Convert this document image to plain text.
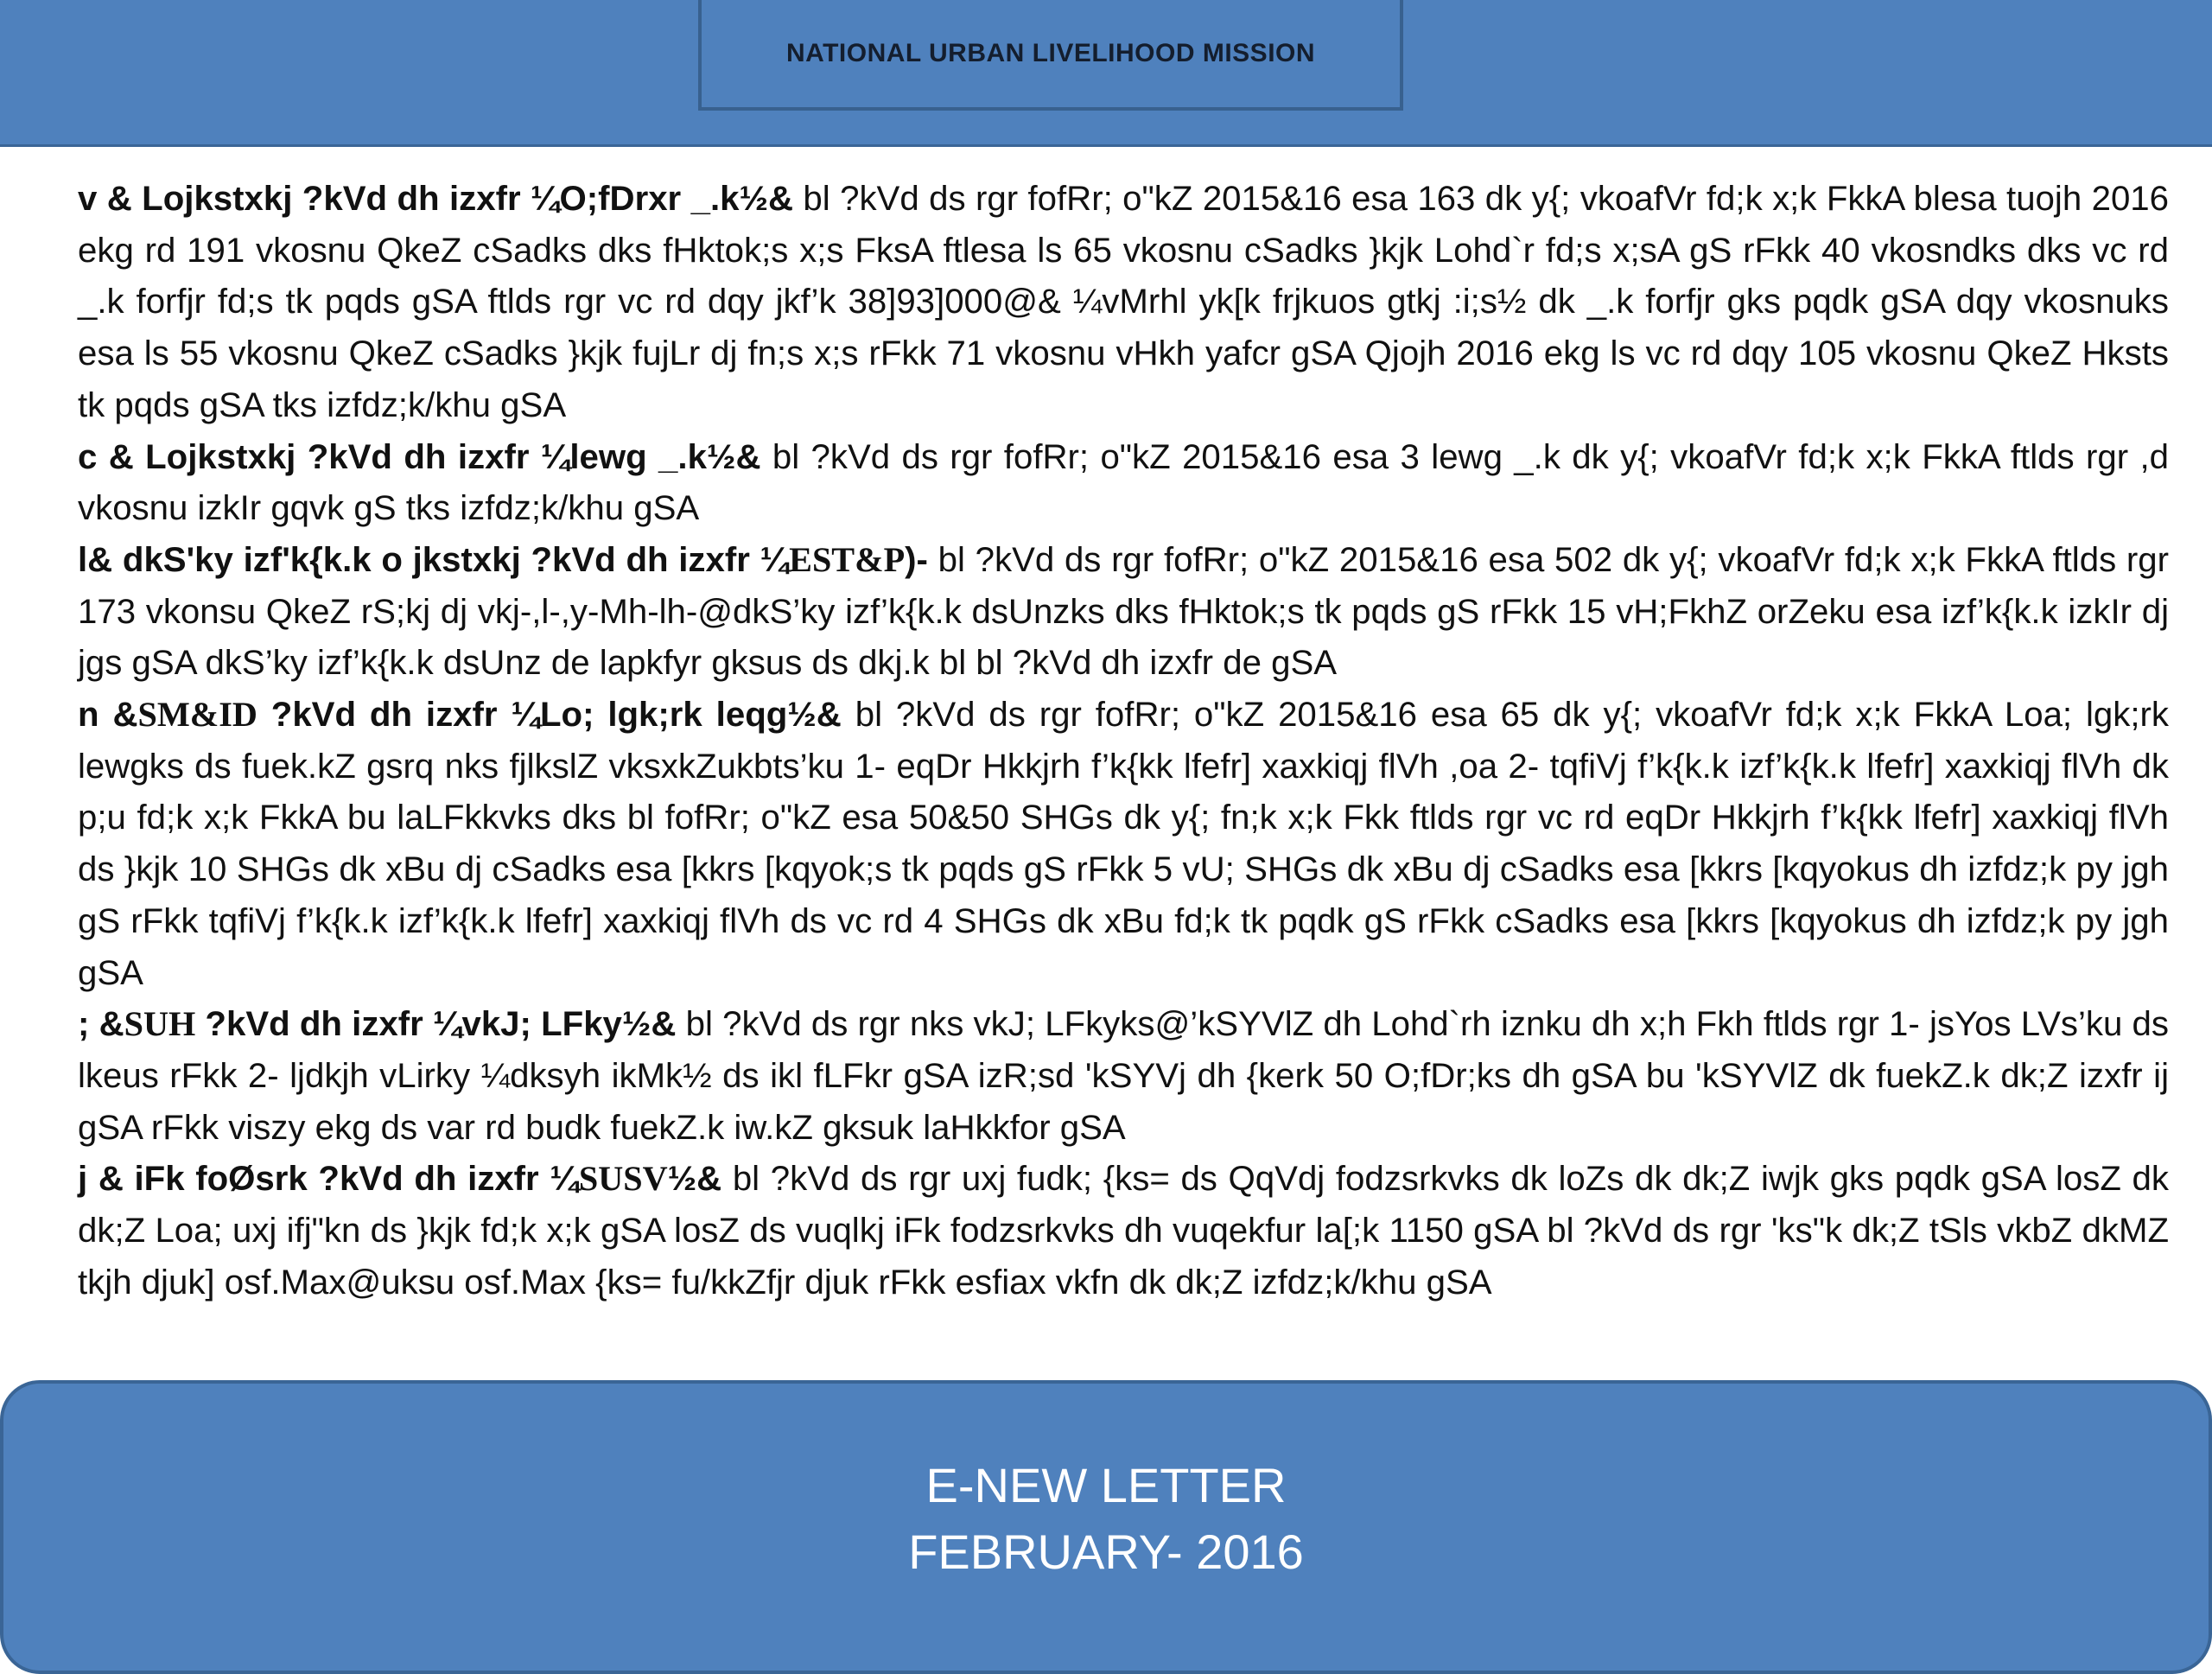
NATIONAL URBAN LIVELIHOOD MISSION

v & Lojkstxkj ?kVd dh izxfr ¼O;fDrxr _.k½& bl ?kVd ds rgr fofRr; o"kZ 2015&16 esa 163 dk y{; vkoafVr fd;k x;k FkkA blesa tuojh 2016 ekg rd 191 vkosnu QkeZ cSadks dks fHktok;s x;s FksA ftlesa ls 65 vkosnu cSadks }kjk Lohd`r fd;s x;sA gS rFkk 40 vkosndks dks vc rd _.k forfjr fd;s tk pqds gSA ftlds rgr vc rd dqy jkf’k 38]93]000@& ¼vMrhl yk[k frjkuos gtkj :i;s½ dk _.k forfjr gks pqdk gSA dqy vkosnuks esa ls 55 vkosnu QkeZ cSadks }kjk fujLr dj fn;s x;s rFkk 71 vkosnu vHkh yafcr gSA Qjojh 2016 ekg ls vc rd dqy 105 vkosnu QkeZ Hksts tk pqds gSA tks izfdz;k/khu gSA

c & Lojkstxkj ?kVd dh izxfr ¼lewg _.k½& bl ?kVd ds rgr fofRr; o"kZ 2015&16 esa 3 lewg _.k dk y{; vkoafVr fd;k x;k FkkA ftlds rgr ,d vkosnu izkIr gqvk gS tks izfdz;k/khu gSA

l& dkS'ky izf'k{k.k o jkstxkj ?kVd dh izxfr ¼EST&P)- bl ?kVd ds rgr fofRr; o"kZ 2015&16 esa 502 dk y{; vkoafVr fd;k x;k FkkA ftlds rgr 173 vkonsu QkeZ rS;kj dj vkj-,l-,y-Mh-lh-@dkS’ky izf’k{k.k dsUnzks dks fHktok;s tk pqds gS rFkk 15 vH;FkhZ orZeku esa izf’k{k.k izkIr dj jgs gSA dkS’ky izf’k{k.k dsUnz de lapkfyr gksus ds dkj.k bl bl ?kVd dh izxfr de gSA

n &SM&ID ?kVd dh izxfr ¼Lo; lgk;rk leqg½& bl ?kVd ds rgr fofRr; o"kZ 2015&16 esa 65 dk y{; vkoafVr fd;k x;k FkkA Loa; lgk;rk lewgks ds fuek.kZ gsrq nks fjlkslZ vksxkZukbts’ku 1- eqDr Hkkjrh f’k{kk lfefr] xaxkiqj flVh ,oa 2- tqfiVj f’k{k.k izf’k{k.k lfefr] xaxkiqj flVh dk p;u fd;k x;k FkkA bu laLFkkvks dks bl fofRr; o"kZ esa 50&50 SHGs dk y{; fn;k x;k Fkk ftlds rgr vc rd eqDr Hkkjrh f’k{kk lfefr] xaxkiqj flVh ds }kjk 10 SHGs dk xBu dj cSadks esa [kkrs [kqyok;s tk pqds gS rFkk 5 vU; SHGs dk xBu dj cSadks esa [kkrs [kqyokus dh izfdz;k py jgh gS rFkk tqfiVj f’k{k.k izf’k{k.k lfefr] xaxkiqj flVh ds vc rd 4 SHGs dk xBu fd;k tk pqdk gS rFkk cSadks esa [kkrs [kqyokus dh izfdz;k py jgh gSA

; &SUH ?kVd dh izxfr ¼vkJ; LFky½& bl ?kVd ds rgr nks vkJ; LFkyks@’kSYVlZ dh Lohd`rh iznku dh x;h Fkh ftlds rgr 1- jsYos LVs’ku ds lkeus rFkk 2- ljdkjh vLirky ¼dksyh ikMk½ ds ikl fLFkr gSA izR;sd 'kSYVj dh {kerk 50 O;fDr;ks dh gSA bu 'kSYVlZ dk fuekZ.k dk;Z izxfr ij gSA rFkk viszy ekg ds var rd budk fuekZ.k iw.kZ gksuk laHkkfor gSA

j & iFk foØsrk ?kVd dh izxfr ¼SUSV½& bl ?kVd ds rgr uxj fudk; {ks= ds QqVdj fodzsrkvks dk loZs dk dk;Z iwjk gks pqdk gSA losZ dk dk;Z Loa; uxj ifj"kn ds }kjk fd;k x;k gSA losZ ds vuqlkj iFk fodzsrkvks dh vuqekfur la[;k 1150 gSA bl ?kVd ds rgr 'ks"k dk;Z tSls vkbZ dkMZ tkjh djuk] osf.Max@uksu osf.Max {ks= fu/kkZfjr djuk rFkk esfiax vkfn dk dk;Z izfdz;k/khu gSA

E-NEW LETTER
FEBRUARY- 2016
